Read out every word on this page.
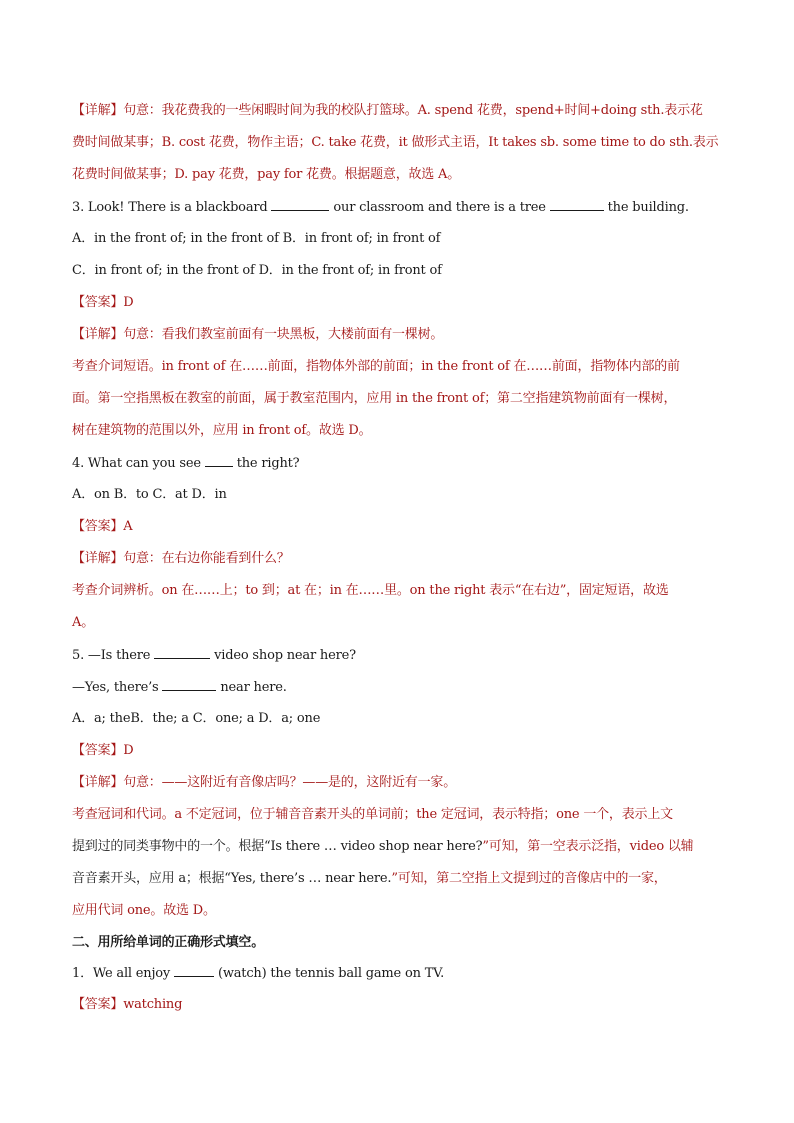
【详解】句意：我花费我的一些闲暇时间为我的校队打篮球。A. spend 花费，spend+时间+doing sth.表示花
费时间做某事；B. cost 花费，物作主语；C. take 花费，it 做形式主语，It takes sb. some time to do sth.表示
花费时间做某事；D. pay 花费，pay for 花费。根据题意，故选 A。
3. Look! There is a blackboard	our classroom and there is a tree	the building.
A．in the front of; in the front of B．in front of; in front of
C．in front of; in the front of D．in the front of; in front of
【答案】D
【详解】句意：看我们教室前面有一块黑板，大楼前面有一棵树。
考查介词短语。in front of 在……前面，指物体外部的前面；in the front of 在……前面，指物体内部的前
面。第一空指黑板在教室的前面，属于教室范围内，应用 in the front of；第二空指建筑物前面有一棵树，
树在建筑物的范围以外，应用 in front of。故选 D。
4. What can you see	the right?
A．on B．to C．at D．in
【答案】A
【详解】句意：在右边你能看到什么？
考查介词辨析。on 在……上；to 到；at 在；in 在……里。on the right 表示“在右边”，固定短语，故选
A。
5. —Is there	video shop near here?
—Yes, there’s	near here.
A．a; theB．the; a C．one; a D．a; one
【答案】D
【详解】句意：——这附近有音像店吗？——是的，这附近有一家。
考查冠词和代词。a 不定冠词，位于辅音音素开头的单词前；the 定冠词，表示特指；one 一个，表示上文
提到过的同类事物中的一个。根据“Is there … video shop near here?”可知，第一空表示泛指，video 以辅
音音素开头，应用 a；根据“Yes, there’s … near here.”可知，第二空指上文提到过的音像店中的一家，
应用代词 one。故选 D。
二、用所给单词的正确形式填空。
1．We all enjoy	(watch) the tennis ball game on TV.
【答案】watching
